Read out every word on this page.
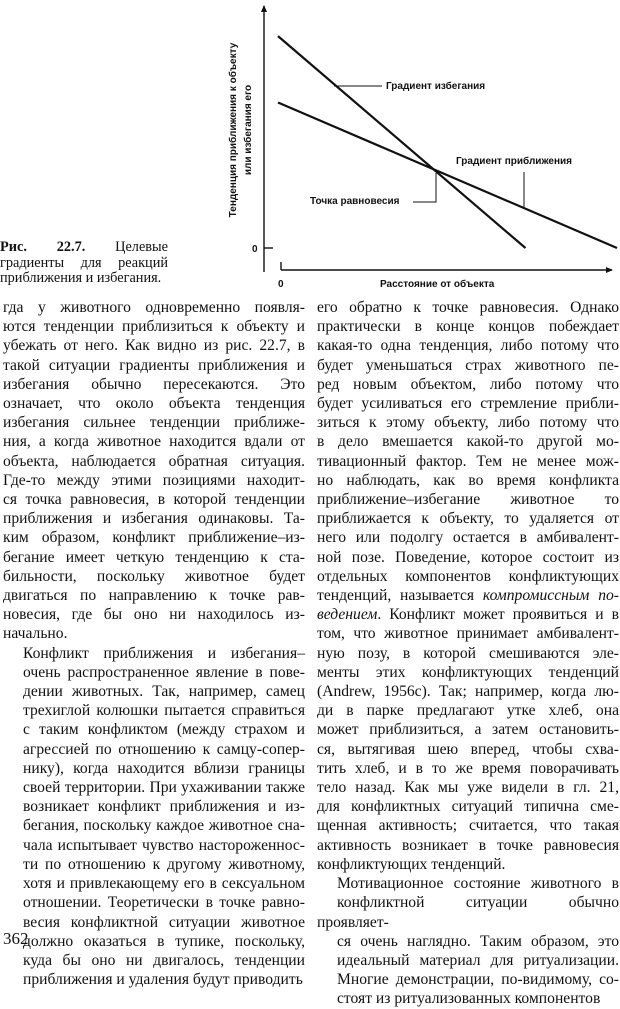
0
0	Расстояние от объекта
Тенденция приближения к объекту или избегания его	Градиент избегания
Градиент приближения
Точка равновесия
Рис. 22.7. Целевые градиенты для реакций приближения и избегания.

гда у животного одновременно появля-
ются тенденции приблизиться к объекту и
убежать от него. Как видно из рис. 22.7, в
такой ситуации градиенты приближения и
избегания обычно пересекаются. Это
означает, что около объекта тенденция
избегания сильнее тенденции приближе-
ния, а когда животное находится вдали от
объекта, наблюдается обратная ситуация.
Где-то между этими позициями находит-
ся точка равновесия, в которой тенденции
приближения и избегания одинаковы. Та-
ким образом, конфликт приближение–из-
бегание имеет четкую тенденцию к ста-
бильности, поскольку животное будет
двигаться по направлению к точке рав-
новесия, где бы оно ни находилось из-
начально.

Конфликт приближения и избегания–
очень распространенное явление в пове-
дении животных. Так, например, самец
трехиглой колюшки пытается справиться
с таким конфликтом (между страхом и
агрессией по отношению к самцу-сопер-
нику), когда находится вблизи границы
своей территории. При ухаживании также
возникает конфликт приближения и из-
бегания, поскольку каждое животное сна-
чала испытывает чувство настороженнос-
ти по отношению к другому животному,
хотя и привлекающему его в сексуальном
отношении. Теоретически в точке равно-
весия конфликтной ситуации животное
должно оказаться в тупике, поскольку,
куда бы оно ни двигалось, тенденции
приближения и удаления будут приводить

его обратно к точке равновесия. Однако
практически в конце концов побеждает
какая-то одна тенденция, либо потому что
будет уменьшаться страх животного пе-
ред новым объектом, либо потому что
будет усиливаться его стремление прибли-
зиться к этому объекту, либо потому что
в дело вмешается какой-то другой мо-
тивационный фактор. Тем не менее мож-
но наблюдать, как во время конфликта
приближение–избегание животное то
приближается к объекту, то удаляется от
него или подолгу остается в амбивалент-
ной позе. Поведение, которое состоит из
отдельных компонентов конфликтующих
тенденций, называется компромиссным по-
ведением. Конфликт может проявиться и в
том, что животное принимает амбивалент-
ную позу, в которой смешиваются эле-
менты этих конфликтующих тенденций
(Andrew, 1956c). Так; например, когда лю-
ди в парке предлагают утке хлеб, она
может приблизиться, а затем остановить-
ся, вытягивая шею вперед, чтобы схва-
тить хлеб, и в то же время поворачивать
тело назад. Как мы уже видели в гл. 21,
для конфликтных ситуаций типична сме-
щенная активность; считается, что такая
активность возникает в точке равновесия
конфликтующих тенденций.

Мотивационное состояние животного в
конфликтной ситуации обычно проявляет-
ся очень наглядно. Таким образом, это
идеальный материал для ритуализации.
Многие демонстрации, по-видимому, со-
стоят из ритуализованных компонентов

362
